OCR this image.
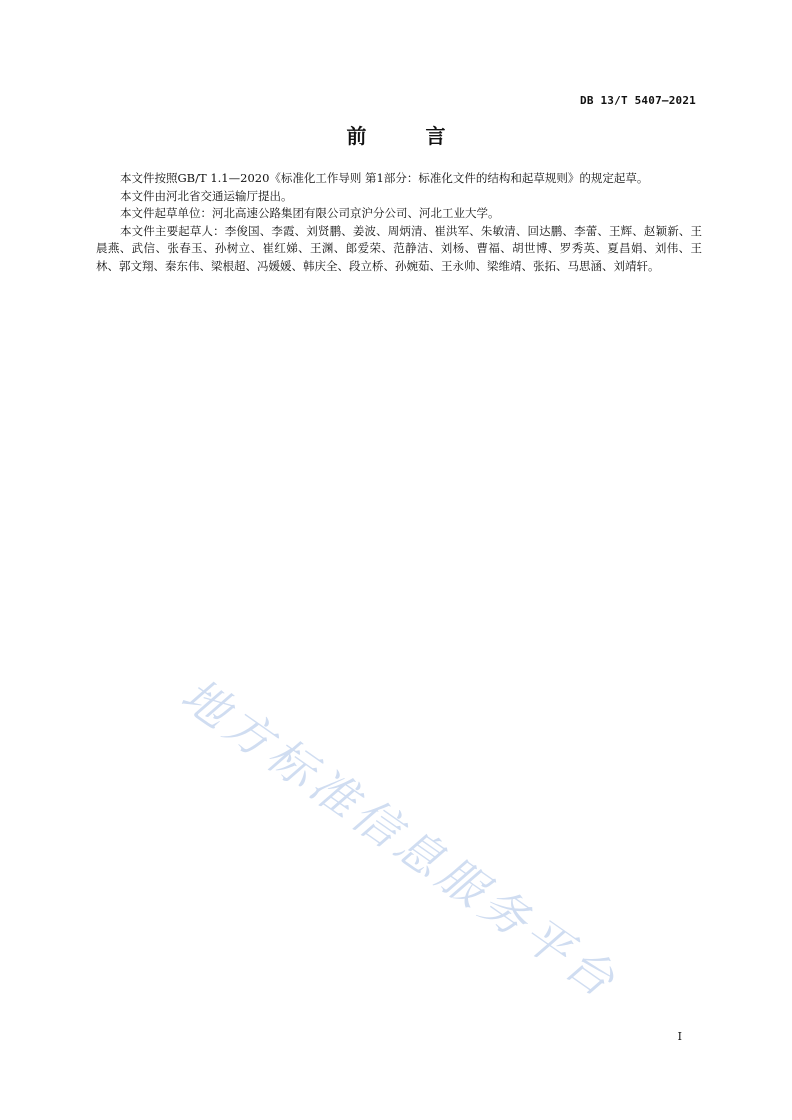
DB 13/T 5407—2021
前 言

本文件按照GB/T 1.1—2020《标准化工作导则 第1部分：标准化文件的结构和起草规则》的规定起草。

本文件由河北省交通运输厅提出。

本文件起草单位：河北高速公路集团有限公司京沪分公司、河北工业大学。

本文件主要起草人：李俊国、李霞、刘贤鹏、姜波、周炳清、崔洪军、朱敏清、回达鹏、李蕾、王辉、赵颖新、王晨燕、武信、张春玉、孙树立、崔红娣、王渊、郎爱荣、范静洁、刘杨、曹福、胡世博、罗秀英、夏昌娟、刘伟、王林、郭文翔、秦东伟、梁根超、冯媛媛、韩庆全、段立桥、孙婉茹、王永帅、梁维靖、张拓、马思涵、刘靖轩。

地方标准信息服务平台
I
